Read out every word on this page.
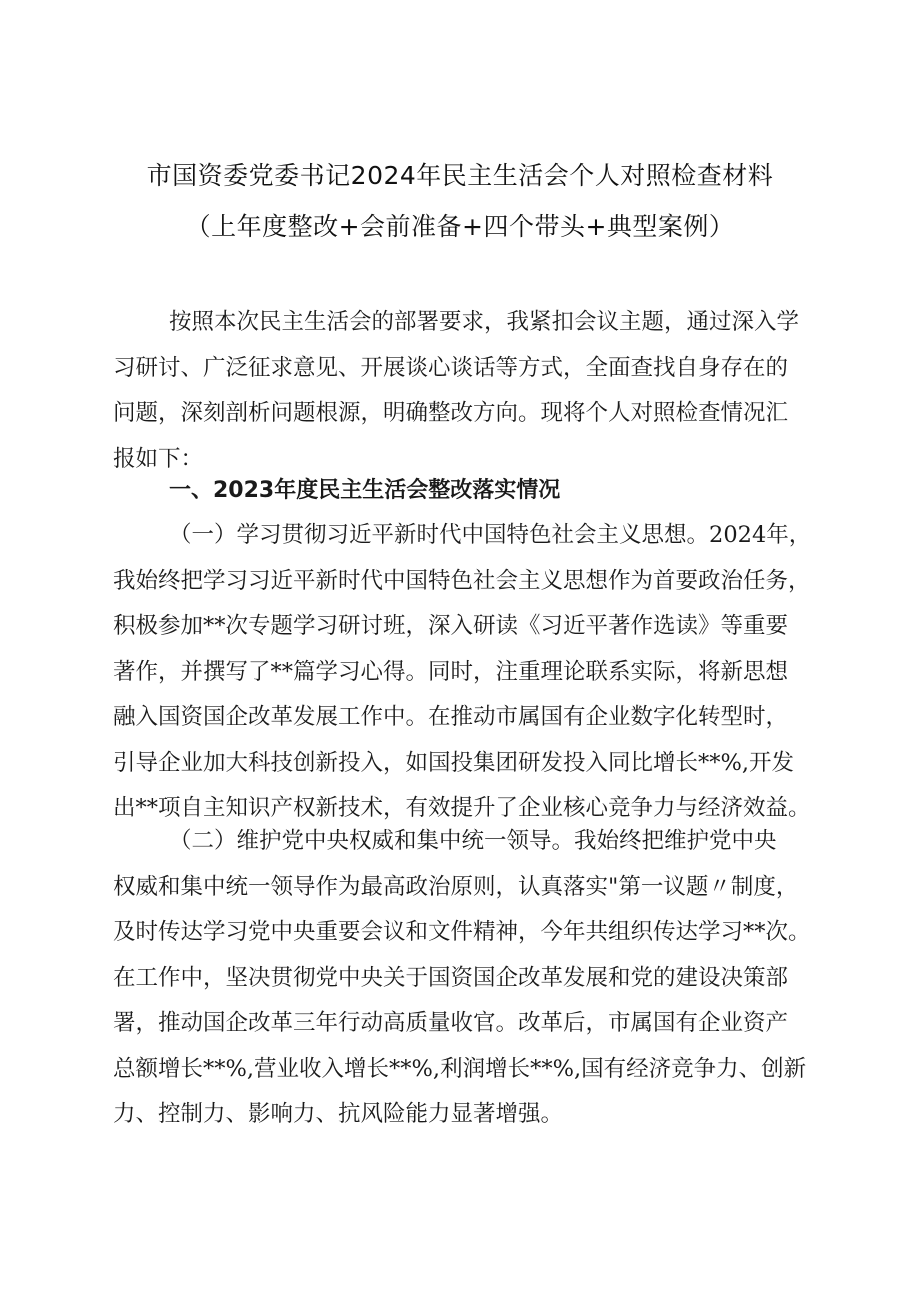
市国资委党委书记2024年民主生活会个人对照检查材料
（上年度整改+会前准备+四个带头+典型案例）
按照本次民主生活会的部署要求，我紧扣会议主题，通过深入学
习研讨、广泛征求意见、开展谈心谈话等方式，全面查找自身存在的
问题，深刻剖析问题根源，明确整改方向。现将个人对照检查情况汇
报如下：
一、2023年度民主生活会整改落实情况
（一）学习贯彻习近平新时代中国特色社会主义思想。2024年，
我始终把学习习近平新时代中国特色社会主义思想作为首要政治任务，
积极参加**次专题学习研讨班，深入研读《习近平著作选读》等重要
著作，并撰写了**篇学习心得。同时，注重理论联系实际，将新思想
融入国资国企改革发展工作中。在推动市属国有企业数字化转型时，
引导企业加大科技创新投入，如国投集团研发投入同比增长**%,开发
出**项自主知识产权新技术，有效提升了企业核心竞争力与经济效益。
（二）维护党中央权威和集中统一领导。我始终把维护党中央
权威和集中统一领导作为最高政治原则，认真落实"第一议题〃制度，
及时传达学习党中央重要会议和文件精神，今年共组织传达学习**次。
在工作中，坚决贯彻党中央关于国资国企改革发展和党的建设决策部
署，推动国企改革三年行动高质量收官。改革后，市属国有企业资产
总额增长**%,营业收入增长**%,利润增长**%,国有经济竞争力、创新
力、控制力、影响力、抗风险能力显著增强。
